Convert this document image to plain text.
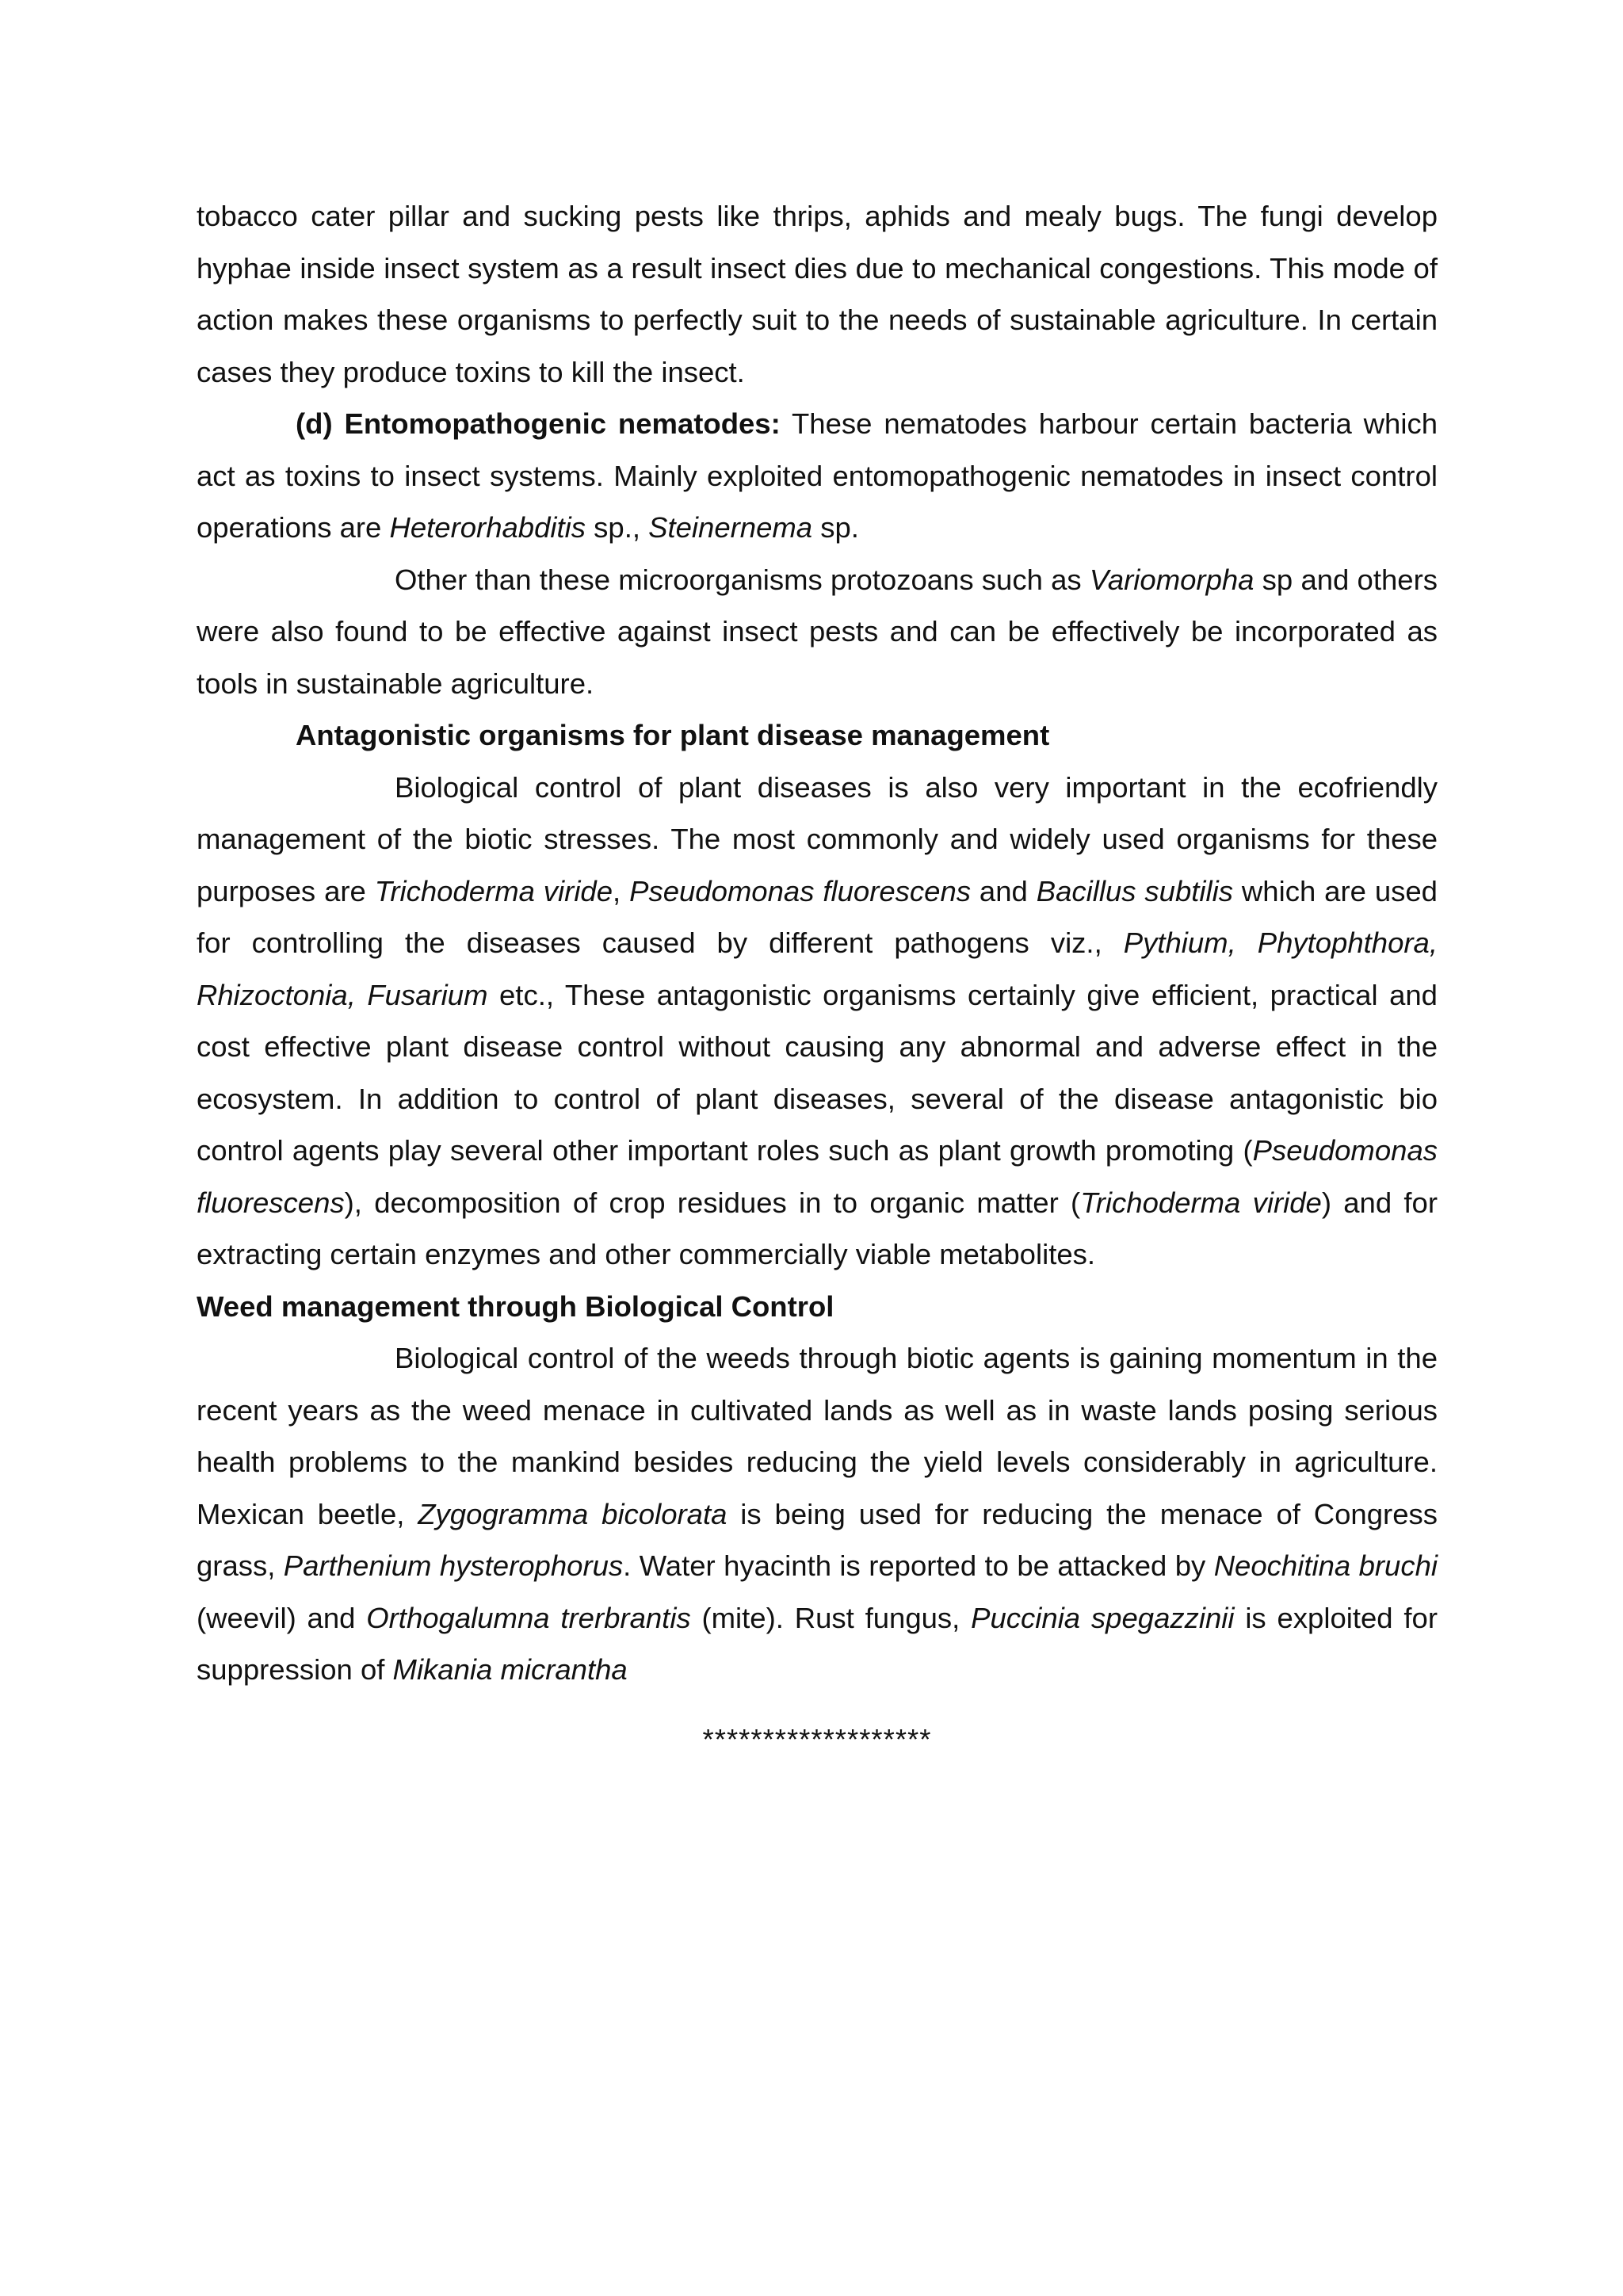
tobacco cater pillar and sucking pests like thrips, aphids and mealy bugs. The fungi develop hyphae inside insect system as a result insect dies due to mechanical congestions. This mode of action makes these organisms to perfectly suit to the needs of sustainable agriculture. In certain cases they produce toxins to kill the insect.

(d) Entomopathogenic nematodes: These nematodes harbour certain bacteria which act as toxins to insect systems. Mainly exploited entomopathogenic nematodes in insect control operations are Heterorhabditis sp., Steinernema sp.

Other than these microorganisms protozoans such as Variomorpha sp and others were also found to be effective against insect pests and can be effectively be incorporated as tools in sustainable agriculture.

Antagonistic organisms for plant disease management

Biological control of plant diseases is also very important in the ecofriendly management of the biotic stresses. The most commonly and widely used organisms for these purposes are Trichoderma viride, Pseudomonas fluorescens and Bacillus subtilis which are used for controlling the diseases caused by different pathogens viz., Pythium, Phytophthora, Rhizoctonia, Fusarium etc., These antagonistic organisms certainly give efficient, practical and cost effective plant disease control without causing any abnormal and adverse effect in the ecosystem. In addition to control of plant diseases, several of the disease antagonistic bio control agents play several other important roles such as plant growth promoting (Pseudomonas fluorescens), decomposition of crop residues in to organic matter (Trichoderma viride) and for extracting certain enzymes and other commercially viable metabolites.

Weed management through Biological Control

Biological control of the weeds through biotic agents is gaining momentum in the recent years as the weed menace in cultivated lands as well as in waste lands posing serious health problems to the mankind besides reducing the yield levels considerably in agriculture. Mexican beetle, Zygogramma bicolorata is being used for reducing the menace of Congress grass, Parthenium hysterophorus. Water hyacinth is reported to be attacked by Neochitina bruchi (weevil) and Orthogalumna trerbrantis (mite). Rust fungus, Puccinia spegazzinii is exploited for suppression of Mikania micrantha

*******************
